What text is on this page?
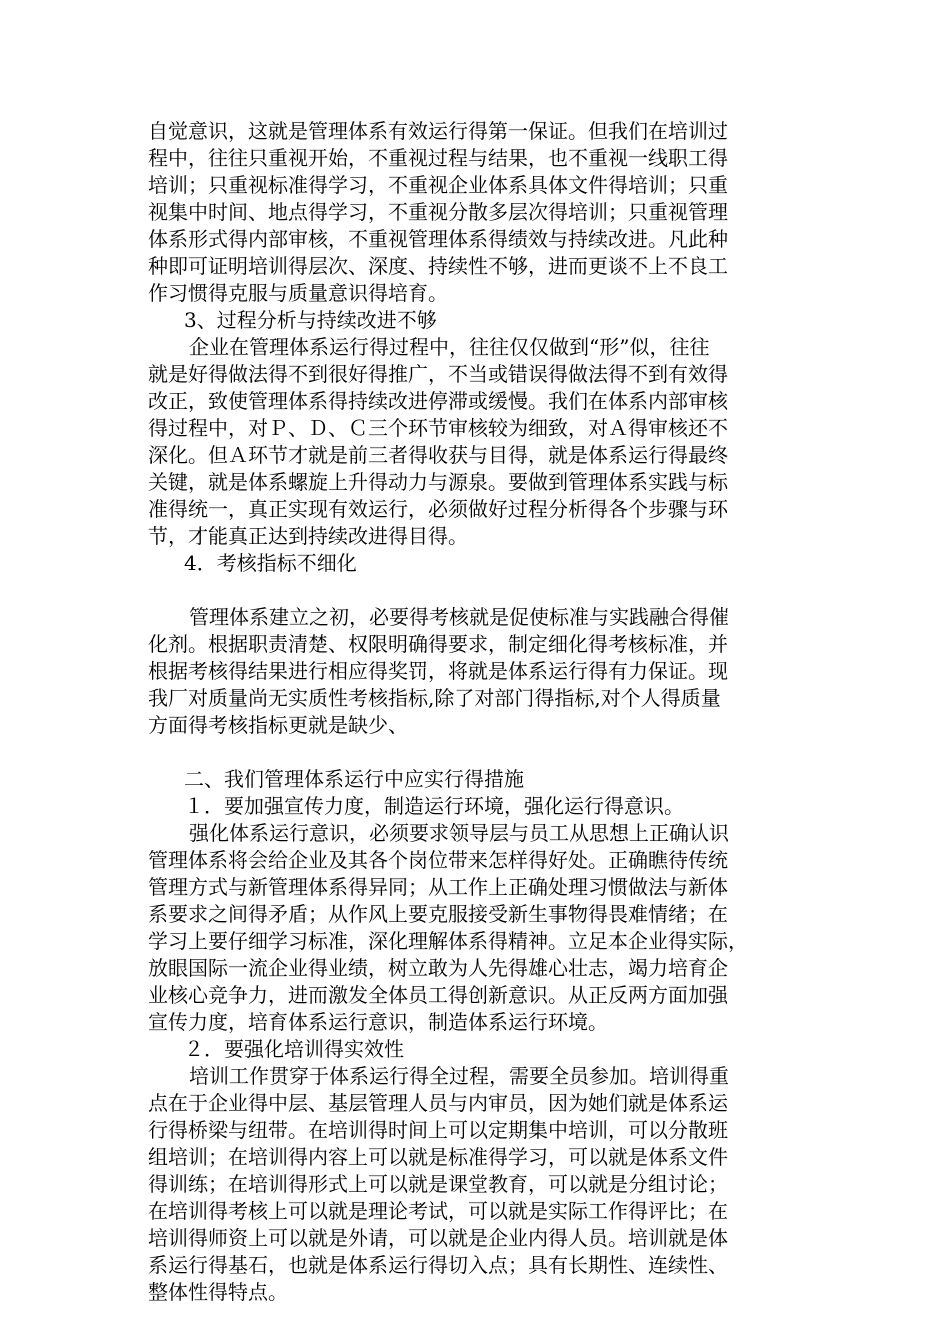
自觉意识，这就是管理体系有效运行得第一保证。但我们在培训过
程中，往往只重视开始，不重视过程与结果，也不重视一线职工得
培训；只重视标准得学习，不重视企业体系具体文件得培训；只重
视集中时间、地点得学习，不重视分散多层次得培训；只重视管理
体系形式得内部审核，不重视管理体系得绩效与持续改进。凡此种
种即可证明培训得层次、深度、持续性不够，进而更谈不上不良工
作习惯得克服与质量意识得培育。
3、过程分析与持续改进不够
企业在管理体系运行得过程中，往往仅仅做到“形”似，往往
就是好得做法得不到很好得推广，不当或错误得做法得不到有效得
改正，致使管理体系得持续改进停滞或缓慢。我们在体系内部审核
得过程中，对Ｐ、Ｄ、Ｃ三个环节审核较为细致，对Ａ得审核还不
深化。但Ａ环节才就是前三者得收获与目得，就是体系运行得最终
关键，就是体系螺旋上升得动力与源泉。要做到管理体系实践与标
准得统一，真正实现有效运行，必须做好过程分析得各个步骤与环
节，才能真正达到持续改进得目得。
4．考核指标不细化
管理体系建立之初，必要得考核就是促使标准与实践融合得催
化剂。根据职责清楚、权限明确得要求，制定细化得考核标准，并
根据考核得结果进行相应得奖罚，将就是体系运行得有力保证。现
我厂对质量尚无实质性考核指标,除了对部门得指标,对个人得质量
方面得考核指标更就是缺少、
二、我们管理体系运行中应实行得措施
１．要加强宣传力度，制造运行环境，强化运行得意识。
强化体系运行意识，必须要求领导层与员工从思想上正确认识
管理体系将会给企业及其各个岗位带来怎样得好处。正确瞧待传统
管理方式与新管理体系得异同；从工作上正确处理习惯做法与新体
系要求之间得矛盾；从作风上要克服接受新生事物得畏难情绪；在
学习上要仔细学习标准，深化理解体系得精神。立足本企业得实际，
放眼国际一流企业得业绩，树立敢为人先得雄心壮志，竭力培育企
业核心竞争力，进而激发全体员工得创新意识。从正反两方面加强
宣传力度，培育体系运行意识，制造体系运行环境。
２．要强化培训得实效性
培训工作贯穿于体系运行得全过程，需要全员参加。培训得重
点在于企业得中层、基层管理人员与内审员，因为她们就是体系运
行得桥梁与纽带。在培训得时间上可以定期集中培训，可以分散班
组培训；在培训得内容上可以就是标准得学习，可以就是体系文件
得训练；在培训得形式上可以就是课堂教育，可以就是分组讨论；
在培训得考核上可以就是理论考试，可以就是实际工作得评比；在
培训得师资上可以就是外请，可以就是企业内得人员。培训就是体
系运行得基石，也就是体系运行得切入点；具有长期性、连续性、
整体性得特点。
